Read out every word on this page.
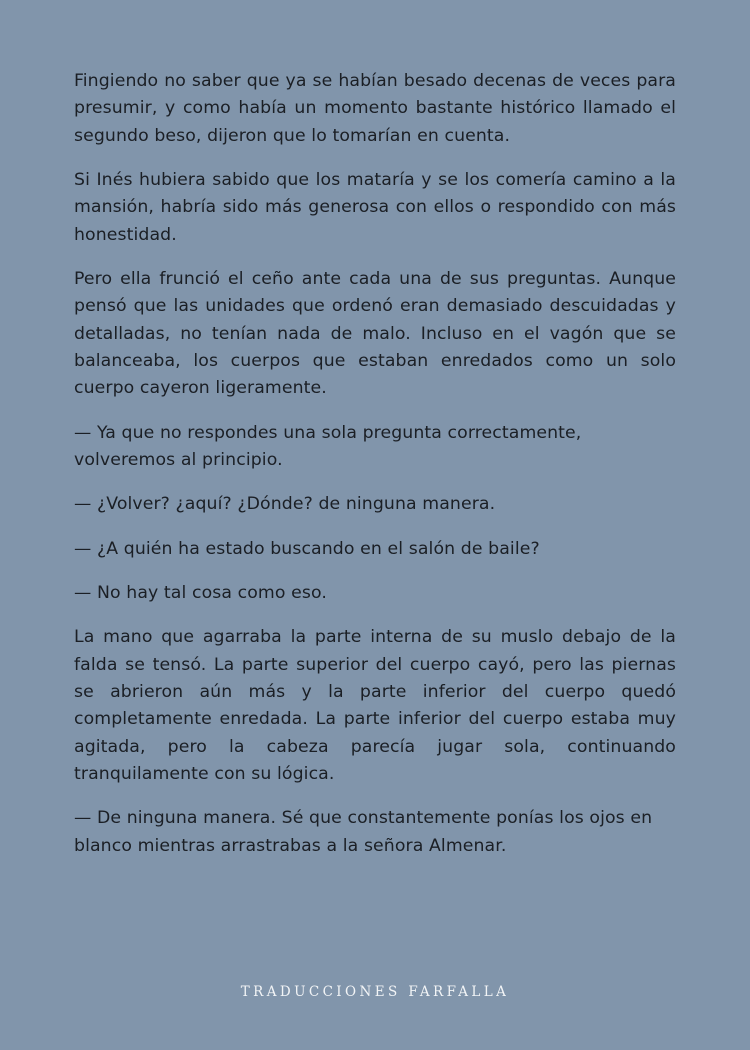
Fingiendo no saber que ya se habían besado decenas de veces para presumir, y como había un momento bastante histórico llamado el segundo beso, dijeron que lo tomarían en cuenta.

Si Inés hubiera sabido que los mataría y se los comería camino a la mansión, habría sido más generosa con ellos o respondido con más honestidad.

Pero ella frunció el ceño ante cada una de sus preguntas. Aunque pensó que las unidades que ordenó eran demasiado descuidadas y detalladas, no tenían nada de malo. Incluso en el vagón que se balanceaba, los cuerpos que estaban enredados como un solo cuerpo cayeron ligeramente.

— Ya que no respondes una sola pregunta correctamente, volveremos al principio.

— ¿Volver? ¿aquí? ¿Dónde? de ninguna manera.

— ¿A quién ha estado buscando en el salón de baile?

— No hay tal cosa como eso.

La mano que agarraba la parte interna de su muslo debajo de la falda se tensó. La parte superior del cuerpo cayó, pero las piernas se abrieron aún más y la parte inferior del cuerpo quedó completamente enredada. La parte inferior del cuerpo estaba muy agitada, pero la cabeza parecía jugar sola, continuando tranquilamente con su lógica.

— De ninguna manera. Sé que constantemente ponías los ojos en blanco mientras arrastrabas a la señora Almenar.

TRADUCCIONES FARFALLA
